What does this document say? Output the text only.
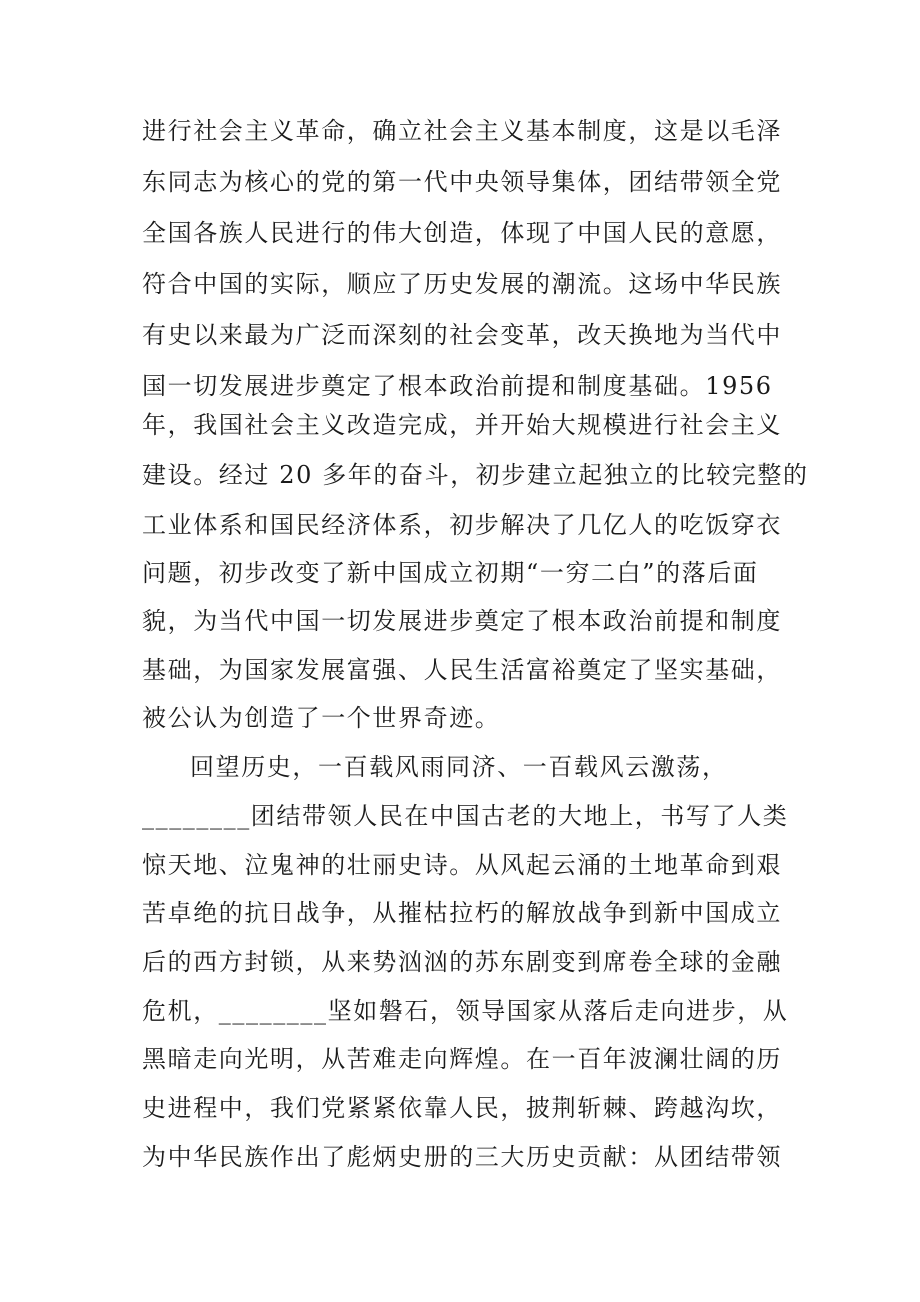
进行社会主义革命，确立社会主义基本制度，这是以毛泽
东同志为核心的党的第一代中央领导集体，团结带领全党
全国各族人民进行的伟大创造，体现了中国人民的意愿，
符合中国的实际，顺应了历史发展的潮流。这场中华民族
有史以来最为广泛而深刻的社会变革，改天换地为当代中
国一切发展进步奠定了根本政治前提和制度基础。1956
年，我国社会主义改造完成，并开始大规模进行社会主义
建设。经过 20 多年的奋斗，初步建立起独立的比较完整的
工业体系和国民经济体系，初步解决了几亿人的吃饭穿衣
问题，初步改变了新中国成立初期“一穷二白”的落后面
貌，为当代中国一切发展进步奠定了根本政治前提和制度
基础，为国家发展富强、人民生活富裕奠定了坚实基础，
被公认为创造了一个世界奇迹。
回望历史，一百载风雨同济、一百载风云激荡，
________团结带领人民在中国古老的大地上，书写了人类
惊天地、泣鬼神的壮丽史诗。从风起云涌的土地革命到艰
苦卓绝的抗日战争，从摧枯拉朽的解放战争到新中国成立
后的西方封锁，从来势汹汹的苏东剧变到席卷全球的金融
危机，________坚如磐石，领导国家从落后走向进步，从
黑暗走向光明，从苦难走向辉煌。在一百年波澜壮阔的历
史进程中，我们党紧紧依靠人民，披荆斩棘、跨越沟坎，
为中华民族作出了彪炳史册的三大历史贡献：从团结带领
